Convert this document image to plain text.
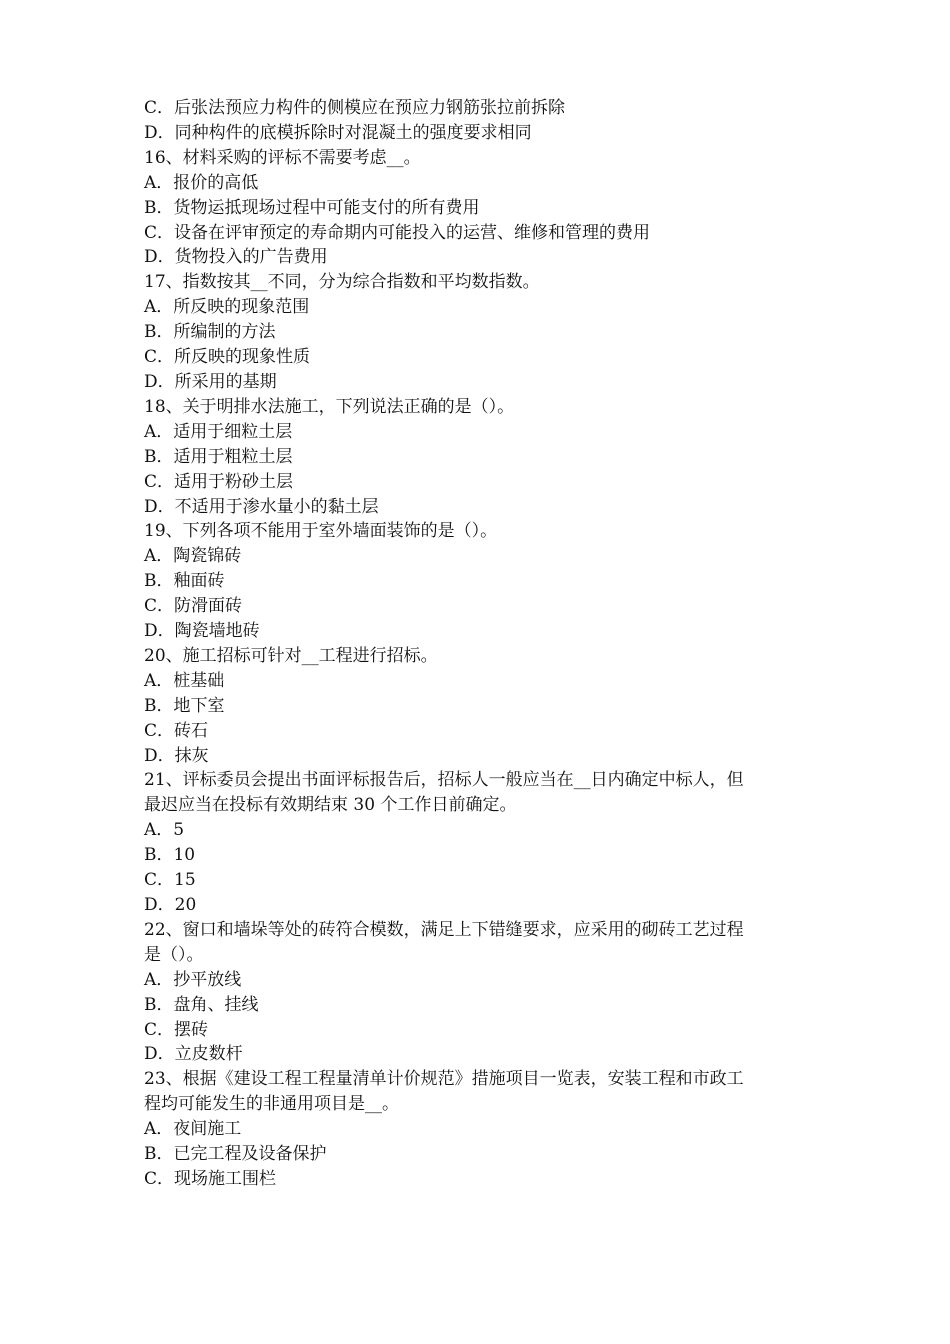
C．后张法预应力构件的侧模应在预应力钢筋张拉前拆除

D．同种构件的底模拆除时对混凝土的强度要求相同

16、材料采购的评标不需要考虑__。

A．报价的高低

B．货物运抵现场过程中可能支付的所有费用

C．设备在评审预定的寿命期内可能投入的运营、维修和管理的费用

D．货物投入的广告费用

17、指数按其__不同，分为综合指数和平均数指数。

A．所反映的现象范围

B．所编制的方法

C．所反映的现象性质

D．所采用的基期

18、关于明排水法施工，下列说法正确的是（）。

A．适用于细粒土层

B．适用于粗粒土层

C．适用于粉砂土层

D．不适用于渗水量小的黏土层

19、下列各项不能用于室外墙面装饰的是（）。

A．陶瓷锦砖

B．釉面砖

C．防滑面砖

D．陶瓷墙地砖

20、施工招标可针对__工程进行招标。

A．桩基础

B．地下室

C．砖石

D．抹灰

21、评标委员会提出书面评标报告后，招标人一般应当在__日内确定中标人，但

最迟应当在投标有效期结束 30 个工作日前确定。

A．5

B．10

C．15

D．20

22、窗口和墙垛等处的砖符合模数，满足上下错缝要求，应采用的砌砖工艺过程

是（）。

A．抄平放线

B．盘角、挂线

C．摆砖

D．立皮数杆

23、根据《建设工程工程量清单计价规范》措施项目一览表，安装工程和市政工

程均可能发生的非通用项目是__。

A．夜间施工

B．已完工程及设备保护

C．现场施工围栏
